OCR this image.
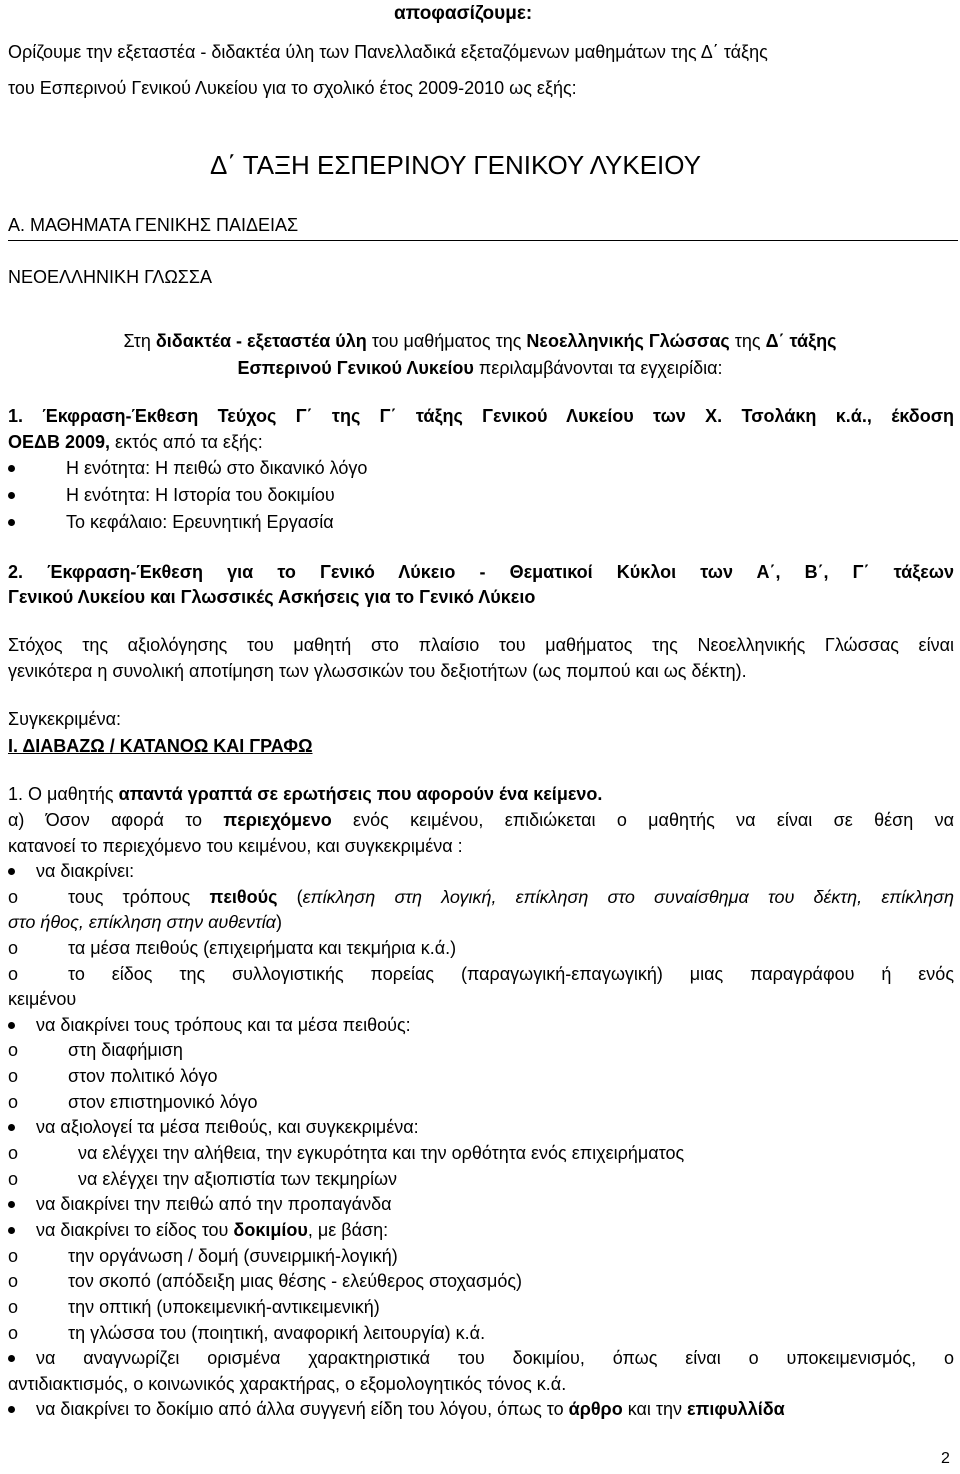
αποφασίζουμε:
Ορίζουμε την εξεταστέα - διδακτέα ύλη των Πανελλαδικά εξεταζόμενων μαθημάτων της Δ΄ τάξης
του Εσπερινού Γενικού Λυκείου για το σχολικό έτος 2009-2010 ως εξής:
Δ΄ ΤΑΞΗ ΕΣΠΕΡΙΝΟΥ ΓΕΝΙΚΟΥ ΛΥΚΕΙΟΥ
Α. ΜΑΘΗΜΑΤΑ ΓΕΝΙΚΗΣ ΠΑΙΔΕΙΑΣ
ΝΕΟΕΛΛΗΝΙΚΗ ΓΛΩΣΣΑ
Στη διδακτέα - εξεταστέα ύλη του μαθήματος της Νεοελληνικής Γλώσσας της Δ΄ τάξης
Εσπερινού Γενικού Λυκείου περιλαμβάνονται τα εγχειρίδια:
1. Έκφραση-Έκθεση Τεύχος Γ΄ της Γ΄ τάξης Γενικού Λυκείου των Χ. Τσολάκη κ.ά., έκδοση
ΟΕΔΒ 2009, εκτός από τα εξής:
Η ενότητα: Η πειθώ στο δικανικό λόγο
Η ενότητα: Η Ιστορία του δοκιμίου
Το κεφάλαιο: Ερευνητική Εργασία
2. Έκφραση-Έκθεση για το Γενικό Λύκειο - Θεματικοί Κύκλοι των Α΄, Β΄, Γ΄ τάξεων
Γενικού Λυκείου και Γλωσσικές Ασκήσεις για το Γενικό Λύκειο
Στόχος της αξιολόγησης του μαθητή στο πλαίσιο του μαθήματος της Νεοελληνικής Γλώσσας είναι
γενικότερα η συνολική αποτίμηση των γλωσσικών του δεξιοτήτων (ως πομπού και ως δέκτη).
Συγκεκριμένα:
Ι. ΔΙΑΒΑΖΩ / ΚΑΤΑΝΟΩ ΚΑΙ ΓΡΑΦΩ
1. Ο μαθητής απαντά γραπτά σε ερωτήσεις που αφορούν ένα κείμενο.
α) Όσον αφορά το περιεχόμενο ενός κειμένου, επιδιώκεται ο μαθητής να είναι σε θέση να
κατανοεί το περιεχόμενο του κειμένου, και συγκεκριμένα :
να διακρίνει:
o	τους τρόπους πειθούς (επίκληση στη λογική, επίκληση στο συναίσθημα του δέκτη, επίκληση
στο ήθος, επίκληση στην αυθεντία)
o	τα μέσα πειθούς (επιχειρήματα και τεκμήρια κ.ά.)
o	το είδος της συλλογιστικής πορείας (παραγωγική-επαγωγική) μιας παραγράφου ή ενός
κειμένου
να διακρίνει τους τρόπους και τα μέσα πειθούς:
o	στη διαφήμιση
o	στον πολιτικό λόγο
o	στον επιστημονικό λόγο
να αξιολογεί τα μέσα πειθούς, και συγκεκριμένα:
o	να ελέγχει την αλήθεια, την εγκυρότητα και την ορθότητα ενός επιχειρήματος
o	να ελέγχει την αξιοπιστία των τεκμηρίων
να διακρίνει την πειθώ από την προπαγάνδα
να διακρίνει το είδος του δοκιμίου, με βάση:
o	την οργάνωση / δομή (συνειρμική-λογική)
o	τον σκοπό (απόδειξη μιας θέσης - ελεύθερος στοχασμός)
o	την οπτική (υποκειμενική-αντικειμενική)
o	τη γλώσσα του (ποιητική, αναφορική λειτουργία) κ.ά.
να αναγνωρίζει ορισμένα χαρακτηριστικά του δοκιμίου, όπως είναι ο υποκειμενισμός, ο
αντιδιακτισμός, ο κοινωνικός χαρακτήρας, ο εξομολογητικός τόνος κ.ά.
να διακρίνει το δοκίμιο από άλλα συγγενή είδη του λόγου, όπως το άρθρο και την επιφυλλίδα
2
